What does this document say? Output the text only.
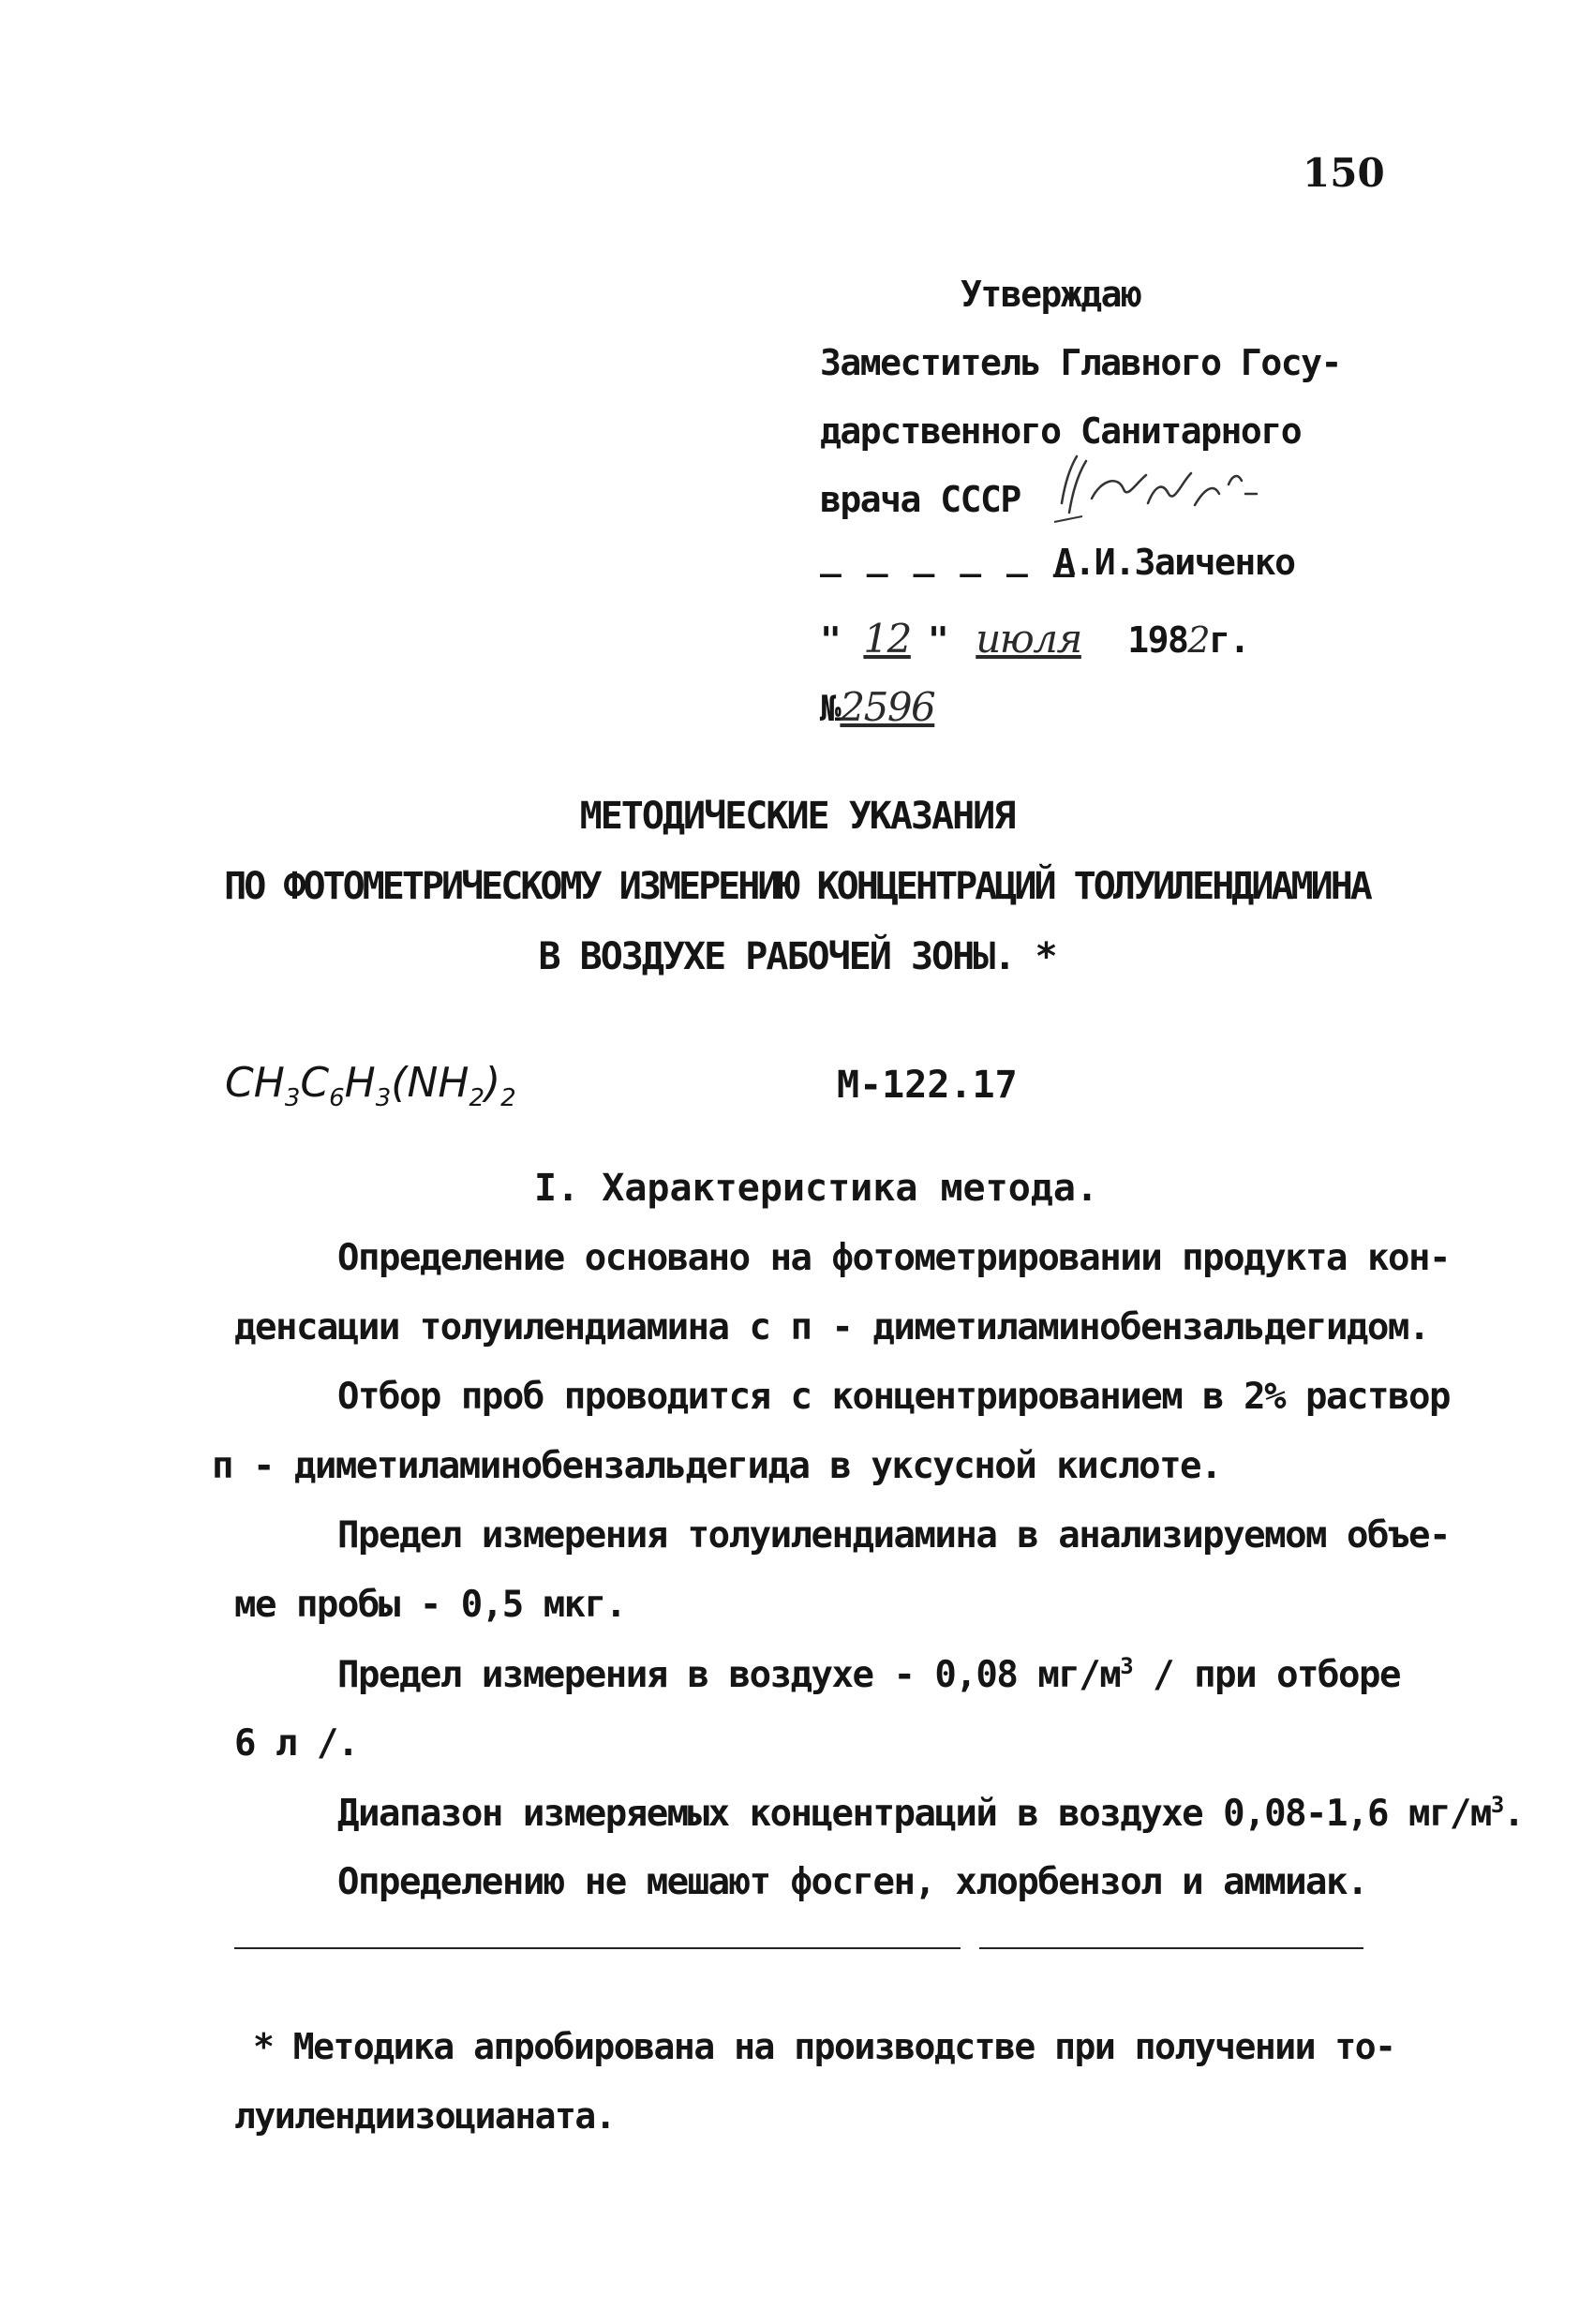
150
Утверждаю
Заместитель Главного Госу-
дарственного Санитарного
врача СССР
_ _ _ _ _ _
А.И.Заиченко
" 12 " июля 1982г.
№2596
МЕТОДИЧЕСКИЕ УКАЗАНИЯ
ПО ФОТОМЕТРИЧЕСКОМУ ИЗМЕРЕНИЮ КОНЦЕНТРАЦИЙ ТОЛУИЛЕНДИАМИНА
В ВОЗДУХЕ РАБОЧЕЙ ЗОНЫ. *
$CH_3C_6H_3(NH_2)_2$	М-122.17
I. Характеристика метода.
Определение основано на фотометрировании продукта кон-
денсации толуилендиамина с п - диметиламинобензальдегидом.
Отбор проб проводится с концентрированием в 2% раствор
п - диметиламинобензальдегида в уксусной кислоте.
Предел измерения толуилендиамина в анализируемом объе-
ме пробы - 0,5 мкг.
Предел измерения в воздухе - 0,08 $мг/м^3$ / при отборе
6 л /.
Диапазон измеряемых концентраций в воздухе 0,08-1,6 $мг/м^3$.
Определению не мешают фосген, хлорбензол и аммиак.
* Методика апробирована на производстве при получении то-
луилендиизоцианата.
